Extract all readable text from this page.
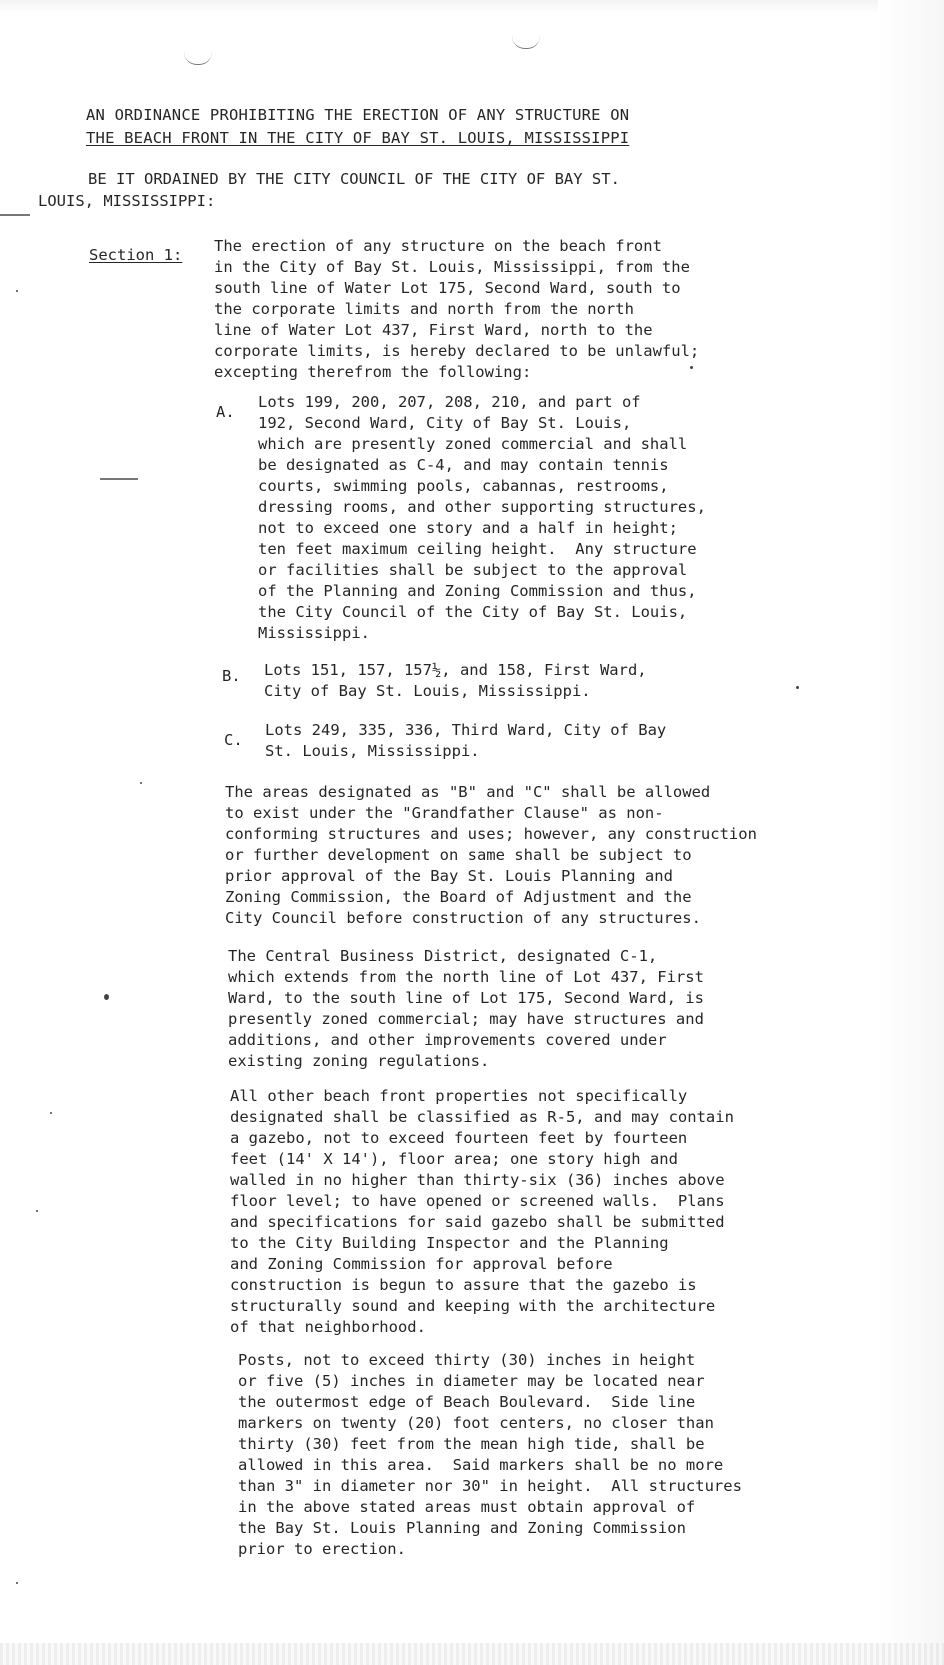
AN ORDINANCE PROHIBITING THE ERECTION OF ANY STRUCTURE ON
THE BEACH FRONT IN THE CITY OF BAY ST. LOUIS, MISSISSIPPI
BE IT ORDAINED BY THE CITY COUNCIL OF THE CITY OF BAY ST.
LOUIS, MISSISSIPPI:
Section 1: The erection of any structure on the beach front
in the City of Bay St. Louis, Mississippi, from the
south line of Water Lot 175, Second Ward, south to
the corporate limits and north from the north
line of Water Lot 437, First Ward, north to the
corporate limits, is hereby declared to be unlawful;
excepting therefrom the following:
A.
Lots 199, 200, 207, 208, 210, and part of
192, Second Ward, City of Bay St. Louis,
which are presently zoned commercial and shall
be designated as C-4, and may contain tennis
courts, swimming pools, cabannas, restrooms,
dressing rooms, and other supporting structures,
not to exceed one story and a half in height;
ten feet maximum ceiling height.  Any structure
or facilities shall be subject to the approval
of the Planning and Zoning Commission and thus,
the City Council of the City of Bay St. Louis,
Mississippi.
B. Lots 151, 157, 157½, and 158, First Ward,
City of Bay St. Louis, Mississippi.
C.
Lots 249, 335, 336, Third Ward, City of Bay
St. Louis, Mississippi.
The areas designated as "B" and "C" shall be allowed
to exist under the "Grandfather Clause" as non-
conforming structures and uses; however, any construction
or further development on same shall be subject to
prior approval of the Bay St. Louis Planning and
Zoning Commission, the Board of Adjustment and the
City Council before construction of any structures.
The Central Business District, designated C-1,
which extends from the north line of Lot 437, First
Ward, to the south line of Lot 175, Second Ward, is
presently zoned commercial; may have structures and
additions, and other improvements covered under
existing zoning regulations.
All other beach front properties not specifically
designated shall be classified as R-5, and may contain
a gazebo, not to exceed fourteen feet by fourteen
feet (14' X 14'), floor area; one story high and
walled in no higher than thirty-six (36) inches above
floor level; to have opened or screened walls.  Plans
and specifications for said gazebo shall be submitted
to the City Building Inspector and the Planning
and Zoning Commission for approval before
construction is begun to assure that the gazebo is
structurally sound and keeping with the architecture
of that neighborhood.
Posts, not to exceed thirty (30) inches in height
or five (5) inches in diameter may be located near
the outermost edge of Beach Boulevard.  Side line
markers on twenty (20) foot centers, no closer than
thirty (30) feet from the mean high tide, shall be
allowed in this area.  Said markers shall be no more
than 3" in diameter nor 30" in height.  All structures
in the above stated areas must obtain approval of
the Bay St. Louis Planning and Zoning Commission
prior to erection.
